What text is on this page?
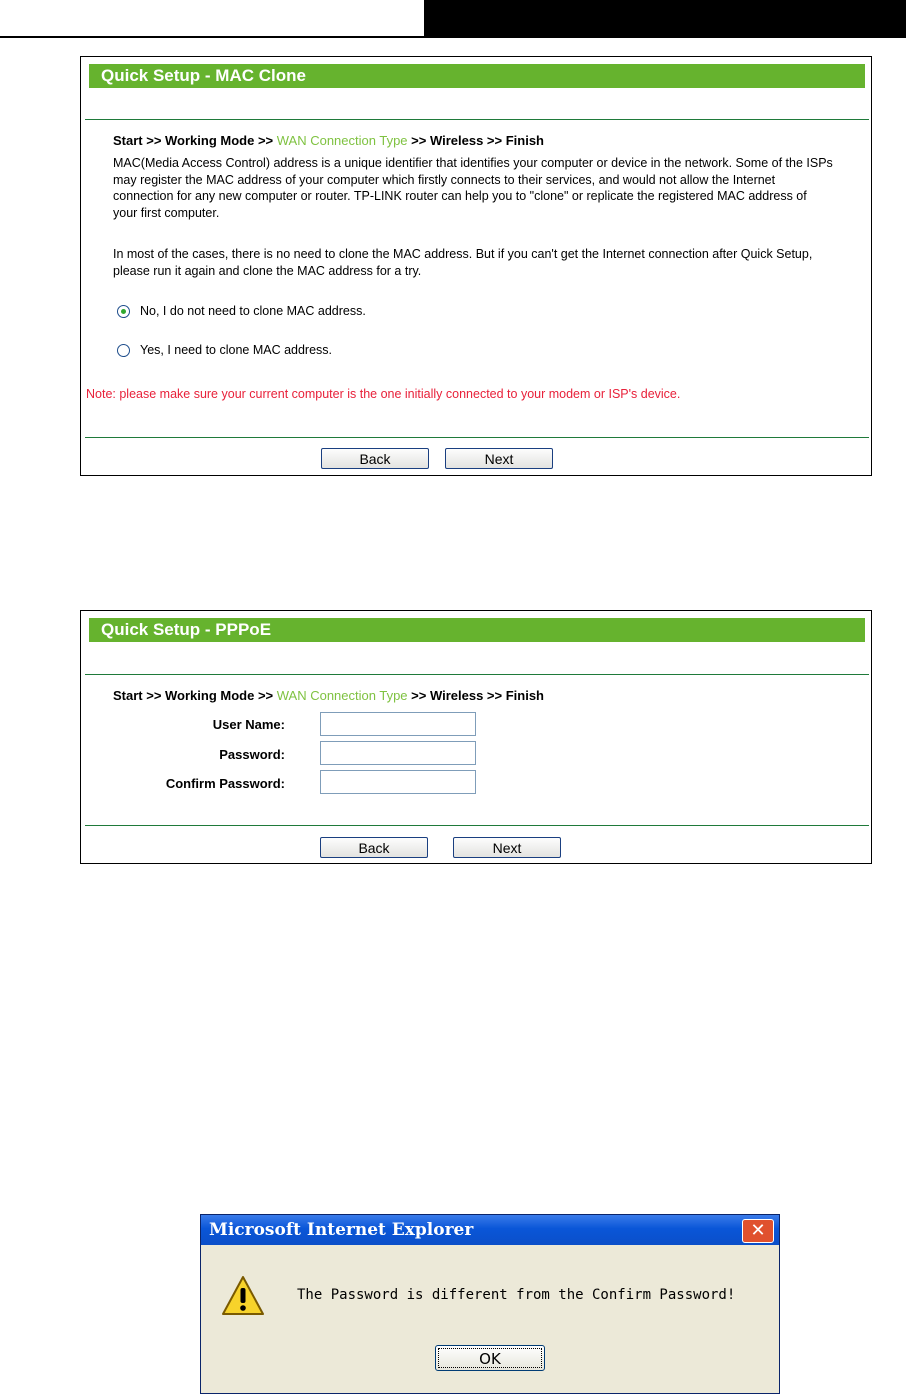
Quick Setup - MAC Clone
Start >> Working Mode >> WAN Connection Type >> Wireless >> Finish
MAC(Media Access Control) address is a unique identifier that identifies your computer or device in the network. Some of the ISPs may register the MAC address of your computer which firstly connects to their services, and would not allow the Internet connection for any new computer or router. TP-LINK router can help you to "clone" or replicate the registered MAC address of your first computer.
In most of the cases, there is no need to clone the MAC address. But if you can't get the Internet connection after Quick Setup, please run it again and clone the MAC address for a try.
No, I do not need to clone MAC address.
Yes, I need to clone MAC address.
Note: please make sure your current computer is the one initially connected to your modem or ISP's device.
Back	Next
Quick Setup - PPPoE
Start >> Working Mode >> WAN Connection Type >> Wireless >> Finish
User Name:
Password:
Confirm Password:
Back	Next
Microsoft Internet Explorer	✕
The Password is different from the Confirm Password!
OK
